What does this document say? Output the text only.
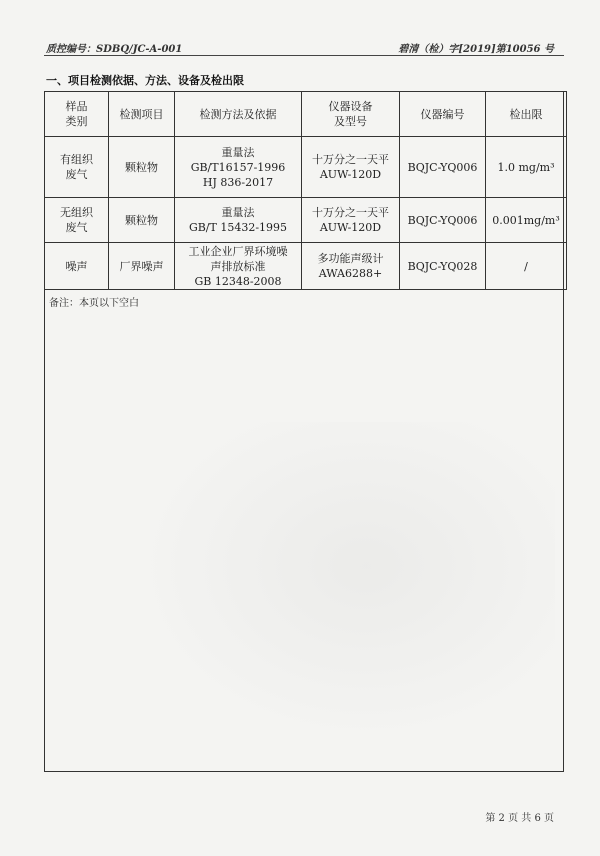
质控编号：SDBQ/JC-A-001	碧清（检）字[2019]第10056 号
一、项目检测依据、方法、设备及检出限
样品
类别	检测项目	检测方法及依据	仪器设备
及型号	仪器编号	检出限

有组织
废气	颗粒物	重量法
GB/T16157-1996
HJ 836-2017	十万分之一天平
AUW-120D	BQJC-YQ006	1.0 mg/m³

无组织
废气	颗粒物	重量法
GB/T 15432-1995	十万分之一天平
AUW-120D	BQJC-YQ006	0.001mg/m³

噪声	厂界噪声	工业企业厂界环境噪
声排放标准
GB 12348-2008	多功能声级计
AWA6288+	BQJC-YQ028	/
备注：本页以下空白
第 2 页 共 6 页
